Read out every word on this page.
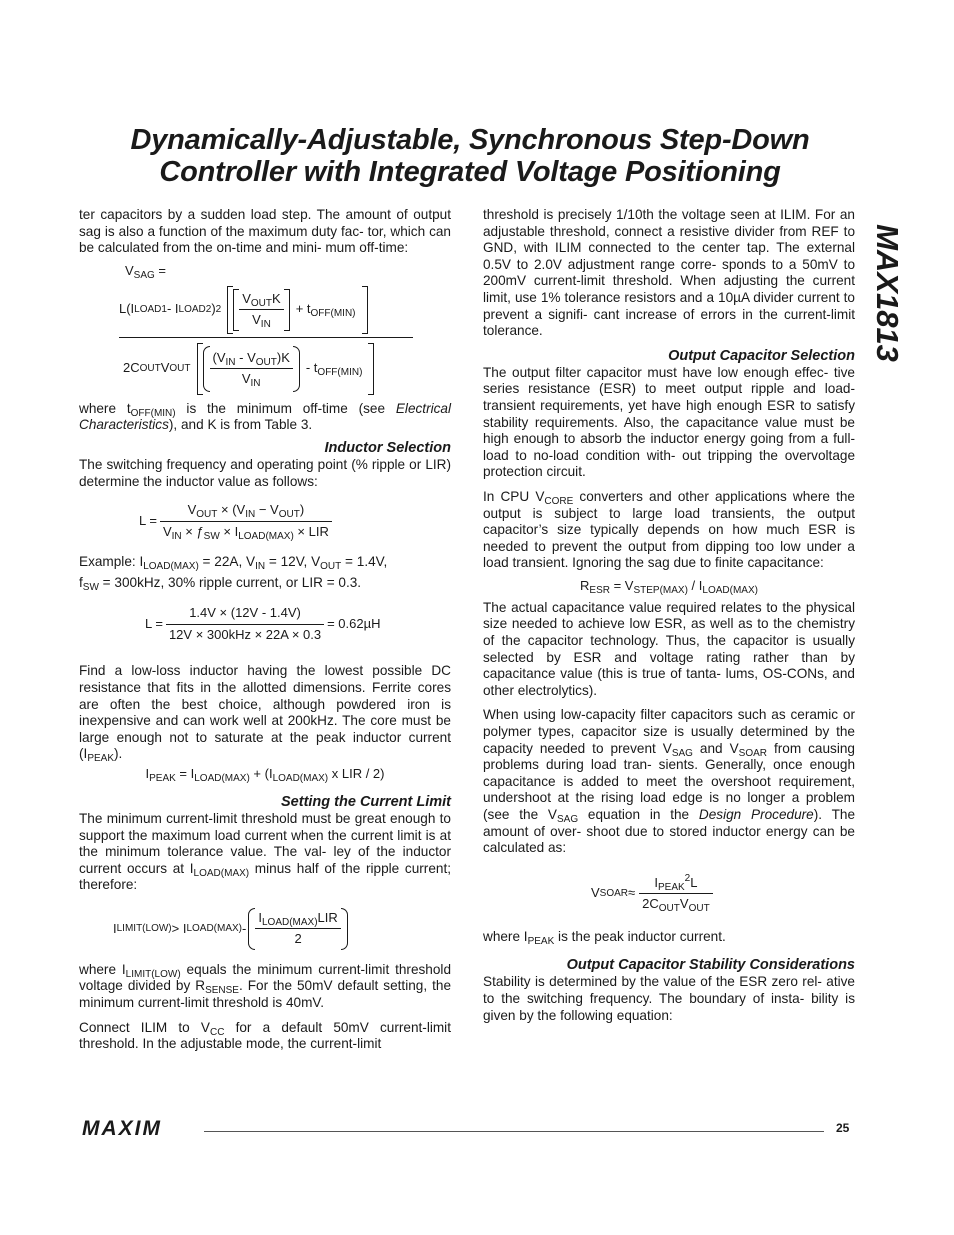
Dynamically-Adjustable, Synchronous Step-Down
Controller with Integrated Voltage Positioning
MAX1813

ter capacitors by a sudden load step. The amount of output sag is also a function of the maximum duty fac- tor, which can be calculated from the on-time and mini- mum off-time:

$V_{SAG}$ =
L(I LOAD1 - I LOAD2 ) $2 \frac{V_{OUT}K}{V_{IN}} + t_{OFF(MIN)}$
2C OUT V OUT $\frac{(V_{IN} - V_{OUT})K}{V_{IN}} - t_{OFF(MIN)}$

where $t_{OFF(MIN)}$ is the minimum off-time (see Electrical Characteristics), and K is from Table 3.

Inductor Selection

The switching frequency and operating point (% ripple or LIR) determine the inductor value as follows:

$L = \frac{V_{OUT} \times (V_{IN} - V_{OUT})}{V_{IN} \times ƒ_{SW} \times I_{LOAD(MAX)} \times LIR}$

Example: $I_{LOAD(MAX)} = 22A$, $V_{IN} = 12V$, $V_{OUT} = 1.4V$,

$f_{SW} = 300kHz$, 30% ripple current, or LIR = 0.3.

$L = \frac{1.4V \times (12V - 1.4V)}{\text{12V × 300kHz × 22A × 0.3}} = 0.62\mu H$

Find a low-loss inductor having the lowest possible DC resistance that fits in the allotted dimensions. Ferrite cores are often the best choice, although powdered iron is inexpensive and can work well at 200kHz. The core must be large enough not to saturate at the peak inductor current $(I_{PEAK})$.

$I_{PEAK} = I_{LOAD(MAX)} + (I_{LOAD(MAX)}$ x LIR / 2)
Setting the Current Limit

The minimum current-limit threshold must be great enough to support the maximum load current when the current limit is at the minimum tolerance value. The val- ley of the inductor current occurs at $I_{LOAD(MAX)}$ minus half of the ripple current; therefore:

I LIMIT(LOW) > I LOAD(MAX) - $\frac{I_{LOAD(MAX)}LIR}{2}$

where $I_{LIMIT(LOW)}$ equals the minimum current-limit threshold voltage divided by $R_{SENSE}$. For the 50mV default setting, the minimum current-limit threshold is 40mV.

Connect ILIM to $V_{CC}$ for a default 50mV current-limit threshold. In the adjustable mode, the current-limit

threshold is precisely 1/10th the voltage seen at ILIM. For an adjustable threshold, connect a resistive divider from REF to GND, with ILIM connected to the center tap. The external 0.5V to 2.0V adjustment range corre- sponds to a 50mV to 200mV current-limit threshold. When adjusting the current limit, use 1% tolerance resistors and a 10µA divider current to prevent a signifi- cant increase of errors in the current-limit tolerance.

Output Capacitor Selection

The output filter capacitor must have low enough effec- tive series resistance (ESR) to meet output ripple and load-transient requirements, yet have high enough ESR to satisfy stability requirements. Also, the capacitance value must be high enough to absorb the inductor energy going from a full-load to no-load condition with- out tripping the overvoltage protection circuit.

In CPU $V_{CORE}$ converters and other applications where the output is subject to large load transients, the output capacitor’s size typically depends on how much ESR is needed to prevent the output from dipping too low under a load transient. Ignoring the sag due to finite capacitance:

$R_{ESR} = V_{STEP(MAX)} / I_{LOAD(MAX)}$

The actual capacitance value required relates to the physical size needed to achieve low ESR, as well as to the chemistry of the capacitor technology. Thus, the capacitor is usually selected by ESR and voltage rating rather than by capacitance value (this is true of tanta- lums, OS-CONs, and other electrolytics).

When using low-capacity filter capacitors such as ceramic or polymer types, capacitor size is usually determined by the capacity needed to prevent $V_{SAG}$ and $V_{SOAR}$ from causing problems during load tran- sients. Generally, once enough capacitance is added to meet the overshoot requirement, undershoot at the rising load edge is no longer a problem (see the $V_{SAG}$ equation in the Design Procedure). The amount of over- shoot due to stored inductor energy can be calculated as:

V SOAR ≈ $\frac{I_{PEAK}^2L}{2C_{OUT}V_{OUT}}$

where $I_{PEAK}$ is the peak inductor current.

Output Capacitor Stability Considerations

Stability is determined by the value of the ESR zero rel- ative to the switching frequency. The boundary of insta- bility is given by the following equation:

MAXIM	25
